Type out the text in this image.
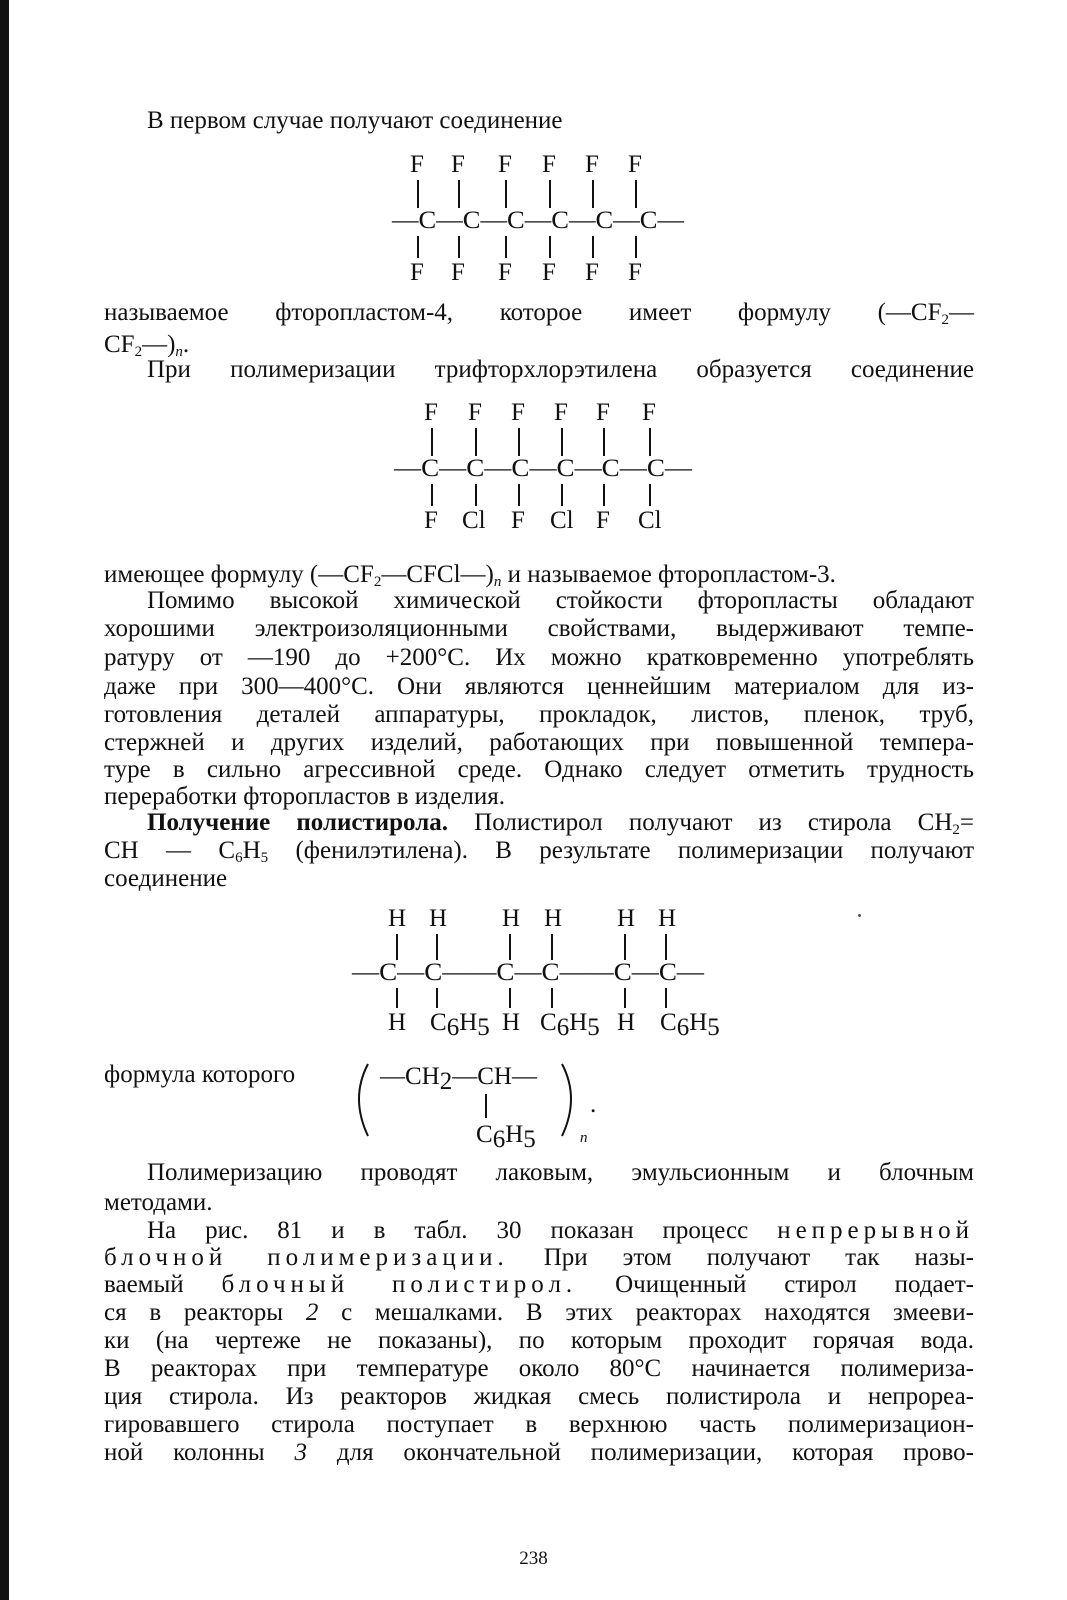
В первом случае получают соединение
F F F F F F
—C—C—C—C—C—C—
F F F F F F
называемое фторопластом-4, которое имеет формулу ($—CF_2—$
$CF_2—)_n$.
При полимеризации трифторхлорэтилена образуется соединение
F F F F F F
—C—C—C—C—C—C—
F Cl F Cl F Cl
имеющее формулу $(—CF_2—CFCl—)_n$ и называемое фторопластом-3.
Помимо высокой химической стойкости фторопласты обладают
хорошими электроизоляционными свойствами, выдерживают темпе-
ратуру от —190 до +200°С. Их можно кратковременно употреблять
даже при 300—400°С. Они являются ценнейшим материалом для из-
готовления деталей аппаратуры, прокладок, листов, пленок, труб,
стержней и других изделий, работающих при повышенной темпера-
туре в сильно агрессивной среде. Однако следует отметить трудность
переработки фторопластов в изделия.
Получение полистирола. Полистирол получают из стирола $CH_2=$
CH — $C_6H_5$ (фенилэтилена). В результате полимеризации получают
соединение
H H H H H H
—C—C——C—C——C—C—
H C6H5 H C6H5 H C6H5
формула которого	—CH2—CH—
C6H5
.
n
Полимеризацию проводят лаковым, эмульсионным и блочным
методами.
На рис. 81 и в табл. 30 показан процесс непрерывной
блочной полимеризации. При этом получают так назы-
ваемый блочный полистирол. Очищенный стирол подает-
ся в реакторы 2 с мешалками. В этих реакторах находятся змееви-
ки (на чертеже не показаны), по которым проходит горячая вода.
В реакторах при температуре около 80°С начинается полимериза-
ция стирола. Из реакторов жидкая смесь полистирола и непрореа-
гировавшего стирола поступает в верхнюю часть полимеризацион-
ной колонны 3 для окончательной полимеризации, которая прово-
238
